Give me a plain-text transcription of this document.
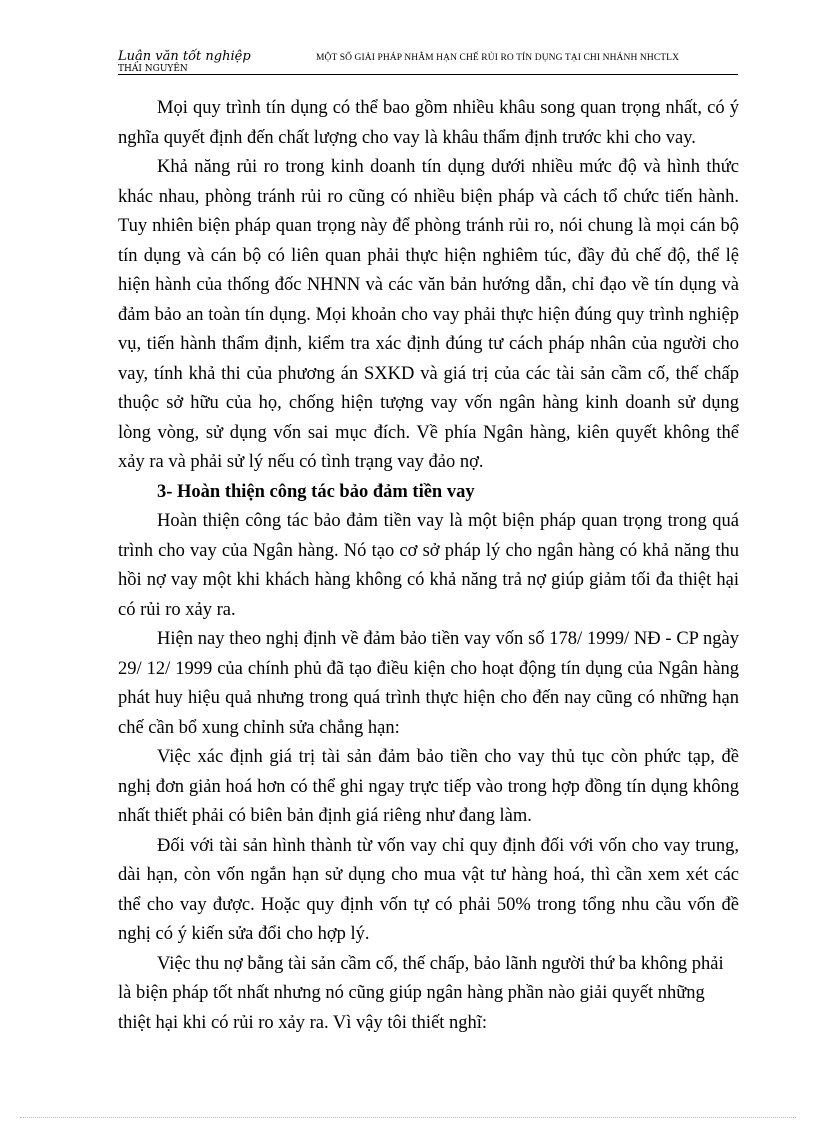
Luận văn tốt nghiệp
THÁI NGUYÊN
MỘT SỐ GIẢI PHÁP NHẰM HẠN CHẾ RỦI RO TÍN DỤNG TẠI CHI NHÁNH NHCTLX

Mọi quy trình tín dụng có thể bao gồm nhiều khâu song quan trọng nhất, có ý nghĩa quyết định đến chất lượng cho vay là khâu thẩm định trước khi cho vay.

Khả năng rủi ro trong kinh doanh tín dụng dưới nhiều mức độ và hình thức khác nhau, phòng tránh rủi ro cũng có nhiều biện pháp và cách tổ chức tiến hành. Tuy nhiên biện pháp quan trọng này để phòng tránh rủi ro, nói chung là mọi cán bộ tín dụng và cán bộ có liên quan phải thực hiện nghiêm túc, đầy đủ chế độ, thể lệ hiện hành của thống đốc NHNN và các văn bản hướng dẫn, chỉ đạo về tín dụng và đảm bảo an toàn tín dụng. Mọi khoản cho vay phải thực hiện đúng quy trình nghiệp vụ, tiến hành thẩm định, kiểm tra xác định đúng tư cách pháp nhân của người cho vay, tính khả thi của phương án SXKD và giá trị của các tài sản cầm cố, thế chấp thuộc sở hữu của họ, chống hiện tượng vay vốn ngân hàng kinh doanh sử dụng lòng vòng, sử dụng vốn sai mục đích. Về phía Ngân hàng, kiên quyết không thể xảy ra và phải sử lý nếu có tình trạng vay đảo nợ.

3- Hoàn thiện công tác bảo đảm tiền vay

Hoàn thiện công tác bảo đảm tiền vay là một biện pháp quan trọng trong quá trình cho vay của Ngân hàng. Nó tạo cơ sở pháp lý cho ngân hàng có khả năng thu hồi nợ vay một khi khách hàng không có khả năng trả nợ giúp giảm tối đa thiệt hại có rủi ro xảy ra.

Hiện nay theo nghị định về đảm bảo tiền vay vốn số 178/ 1999/ NĐ - CP ngày 29/ 12/ 1999 của chính phủ đã tạo điều kiện cho hoạt động tín dụng của Ngân hàng phát huy hiệu quả nhưng trong quá trình thực hiện cho đến nay cũng có những hạn chế cần bổ xung chỉnh sửa chẳng hạn:

Việc xác định giá trị tài sản đảm bảo tiền cho vay thủ tục còn phức tạp, đề nghị đơn giản hoá hơn có thể ghi ngay trực tiếp vào trong hợp đồng tín dụng không nhất thiết phải có biên bản định giá riêng như đang làm.

Đối với tài sản hình thành từ vốn vay chỉ quy định đối với vốn cho vay trung, dài hạn, còn vốn ngắn hạn sử dụng cho mua vật tư hàng hoá, thì cần xem xét các thể cho vay được. Hoặc quy định vốn tự có phải 50% trong tổng nhu cầu vốn đề nghị có ý kiến sửa đổi cho hợp lý.

Việc thu nợ bằng tài sản cầm cố, thế chấp, bảo lãnh người thứ ba không phải là biện pháp tốt nhất nhưng nó cũng giúp ngân hàng phần nào giải quyết những thiệt hại khi có rủi ro xảy ra. Vì vậy tôi thiết nghĩ:
